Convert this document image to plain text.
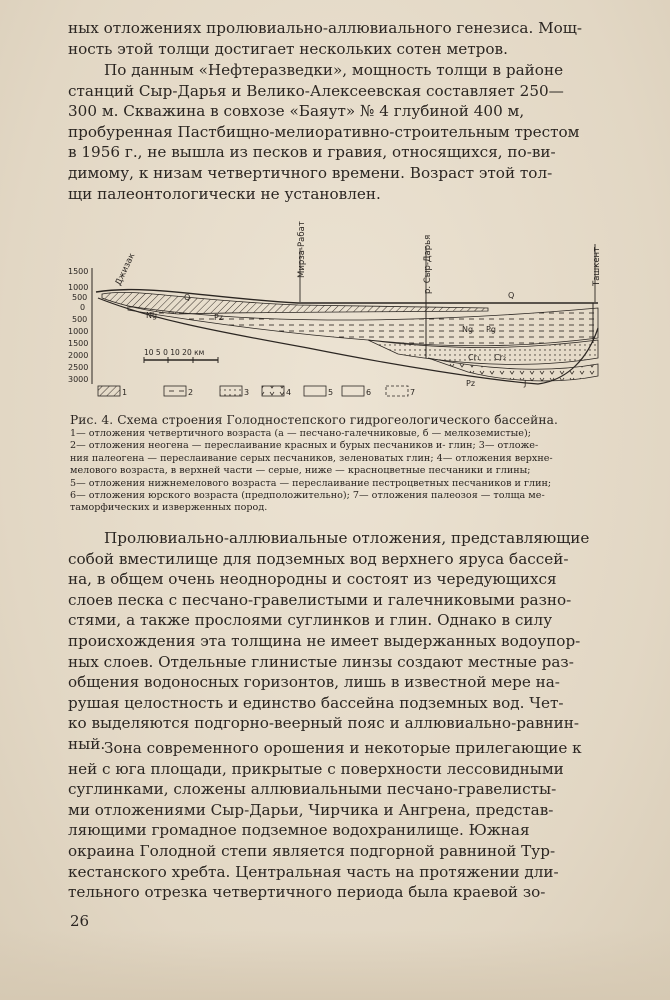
ных отложениях пролювиально-аллювиального генезиса. Мощ-
ность этой толщи достигает нескольких сотен метров.

По данным «Нефтеразведки», мощность толщи в районе
станций Сыр-Дарья и Велико-Алексеевская составляет 250—
300 м. Скважина в совхозе «Баяут» № 4 глубиной 400 м,
пробуренная Пастбищно-мелиоративно-строительным трестом
в 1956 г., не вышла из песков и гравия, относящихся, по-ви-
димому, к низам четвертичного времени. Возраст этой тол-
щи палеонтологически не установлен.

1500
1000
500
0
500
1000
1500
2000
2500
3000
Джизак	Мирза-Рабат	р. Сыр-Дарья	Ташкент
Q
Ng	Pz
Q
Ng Pg
Cr₁ Cr₂
Pz	J
10 5 0 10 20 км
1	2	3	4	5	6	7
Рис. 4. Схема строения Голодностепского гидрогеологического бассейна.
1— отложения четвертичного возраста (а — песчано-галечниковые, б — мелкоземистые);
2— отложения неогена — переслаивание красных и бурых песчаников и- глин; 3— отложе-
ния палеогена — переслаивание серых песчаников, зеленоватых глин; 4— отложения верхне-
мелового возраста, в верхней части — серые, ниже — красноцветные песчаники и глины;
5— отложения нижнемелового возраста — переслаивание пестроцветных песчаников и глин;
6— отложения юрского возраста (предположительно); 7— отложения палеозоя — толща ме-
таморфических и изверженных пород.

Пролювиально-аллювиальные отложения, представляющие
собой вместилище для подземных вод верхнего яруса бассей-
на, в общем очень неоднородны и состоят из чередующихся
слоев песка с песчано-гравелистыми и галечниковыми разно-
стями, а также прослоями суглинков и глин. Однако в силу
происхождения эта толщина не имеет выдержанных водоупор-
ных слоев. Отдельные глинистые линзы создают местные раз-
общения водоносных горизонтов, лишь в известной мере на-
рушая целостность и единство бассейна подземных вод. Чет-
ко выделяются подгорно-веерный пояс и аллювиально-равнин-
ный.

Зона современного орошения и некоторые прилегающие к
ней с юга площади, прикрытые с поверхности лессовидными
суглинками, сложены аллювиальными песчано-гравелисты-
ми отложениями Сыр-Дарьи, Чирчика и Ангрена, представ-
ляющими громадное подземное водохранилище. Южная
окраина Голодной степи является подгорной равниной Тур-
кестанского хребта. Центральная часть на протяжении дли-
тельного отрезка четвертичного периода была краевой зо-

26
